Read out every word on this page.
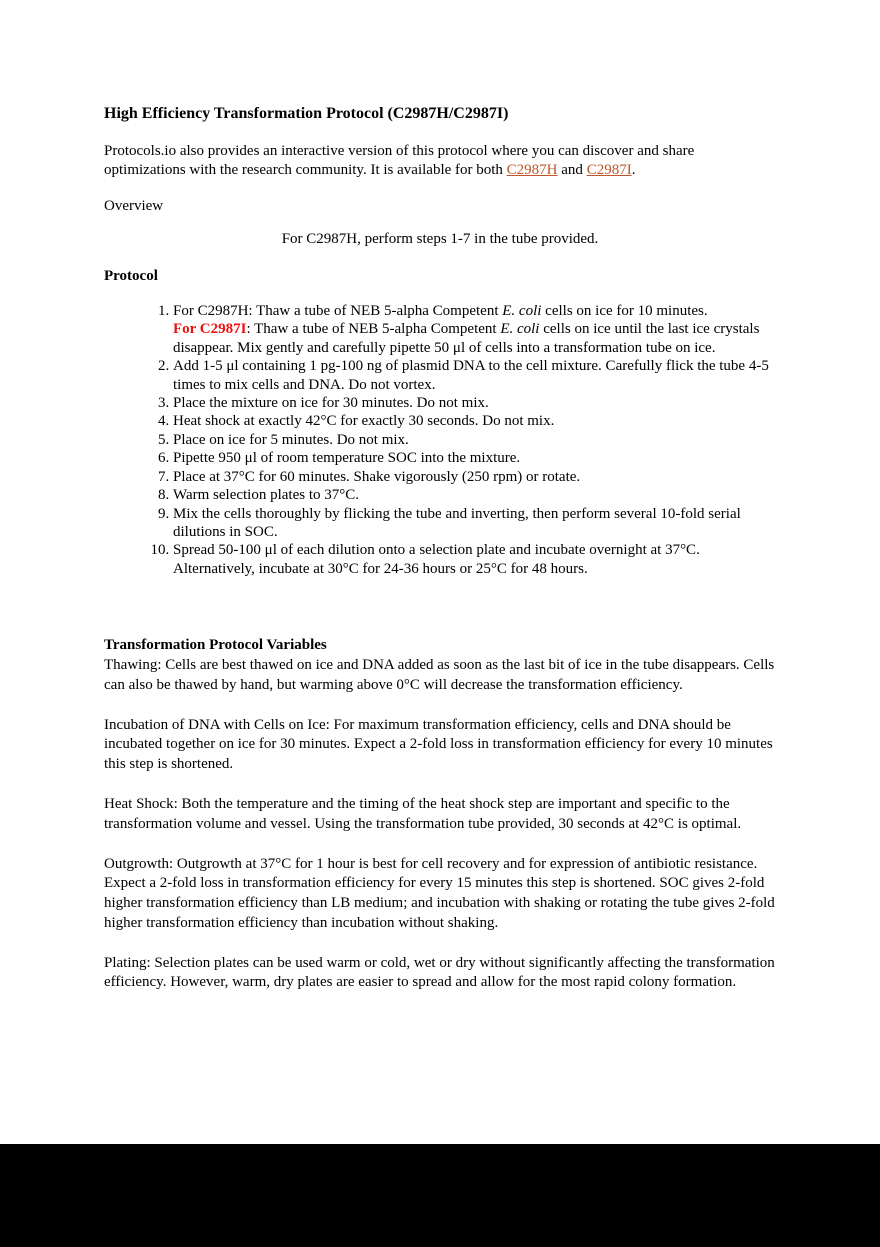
High Efficiency Transformation Protocol (C2987H/C2987I)

Protocols.io also provides an interactive version of this protocol where you can discover and share optimizations with the research community. It is available for both C2987H and C2987I.

Overview

For C2987H, perform steps 1-7 in the tube provided.

Protocol
1. For C2987H: Thaw a tube of NEB 5-alpha Competent E. coli cells on ice for 10 minutes.
For C2987I: Thaw a tube of NEB 5-alpha Competent E. coli cells on ice until the last ice crystals disappear. Mix gently and carefully pipette 50 μl of cells into a transformation tube on ice.
2. Add 1-5 μl containing 1 pg-100 ng of plasmid DNA to the cell mixture. Carefully flick the tube 4-5 times to mix cells and DNA. Do not vortex.
3. Place the mixture on ice for 30 minutes. Do not mix.
4. Heat shock at exactly 42°C for exactly 30 seconds. Do not mix.
5. Place on ice for 5 minutes. Do not mix.
6. Pipette 950 μl of room temperature SOC into the mixture.
7. Place at 37°C for 60 minutes. Shake vigorously (250 rpm) or rotate.
8. Warm selection plates to 37°C.
9. Mix the cells thoroughly by flicking the tube and inverting, then perform several 10-fold serial dilutions in SOC.
10. Spread 50-100 μl of each dilution onto a selection plate and incubate overnight at 37°C. Alternatively, incubate at 30°C for 24-36 hours or 25°C for 48 hours.
Transformation Protocol Variables

Thawing: Cells are best thawed on ice and DNA added as soon as the last bit of ice in the tube disappears. Cells can also be thawed by hand, but warming above 0°C will decrease the transformation efficiency.

Incubation of DNA with Cells on Ice: For maximum transformation efficiency, cells and DNA should be incubated together on ice for 30 minutes. Expect a 2-fold loss in transformation efficiency for every 10 minutes this step is shortened.

Heat Shock: Both the temperature and the timing of the heat shock step are important and specific to the transformation volume and vessel. Using the transformation tube provided, 30 seconds at 42°C is optimal.

Outgrowth: Outgrowth at 37°C for 1 hour is best for cell recovery and for expression of antibiotic resistance. Expect a 2-fold loss in transformation efficiency for every 15 minutes this step is shortened. SOC gives 2-fold higher transformation efficiency than LB medium; and incubation with shaking or rotating the tube gives 2-fold higher transformation efficiency than incubation without shaking.

Plating: Selection plates can be used warm or cold, wet or dry without significantly affecting the transformation efficiency. However, warm, dry plates are easier to spread and allow for the most rapid colony formation.
